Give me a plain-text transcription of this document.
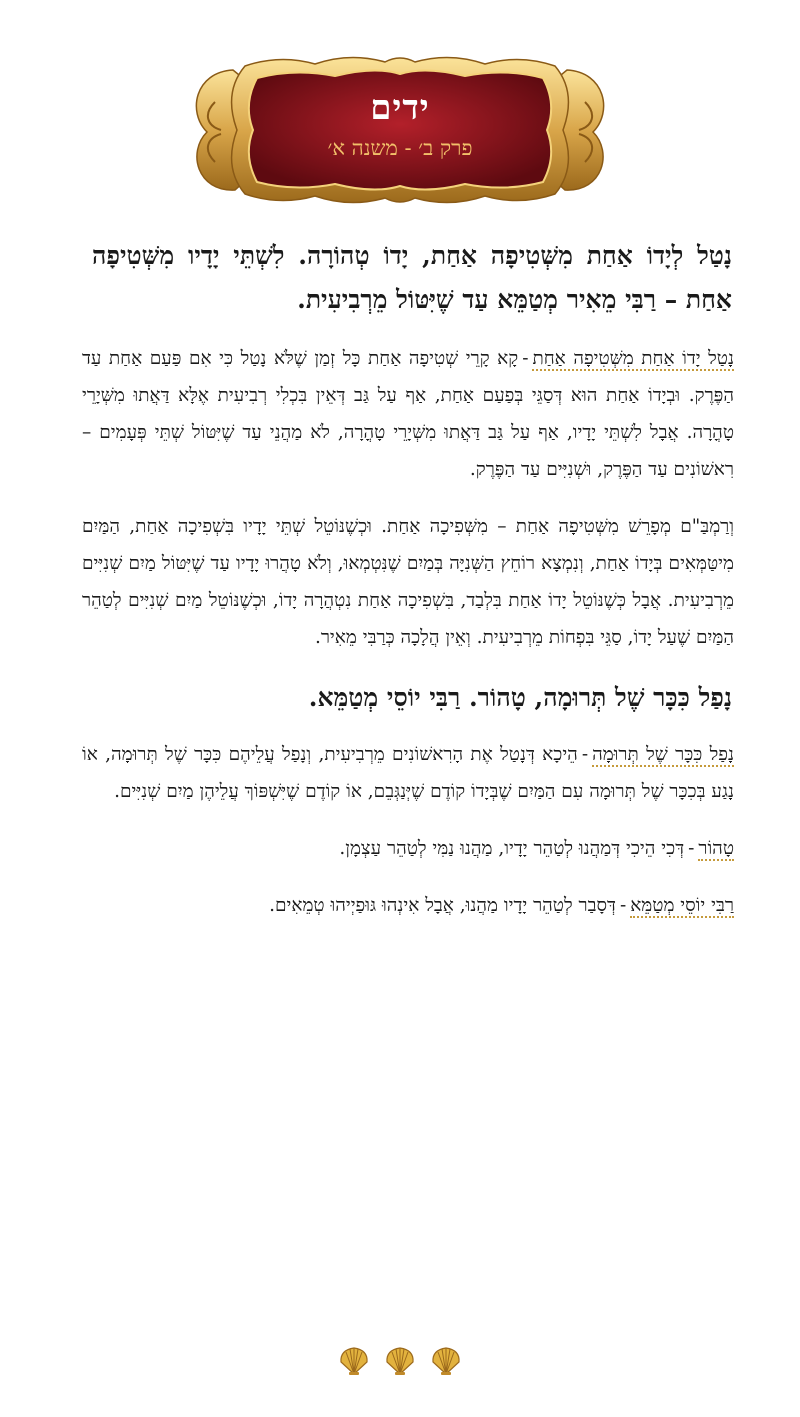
ידים
פרק ב׳ - משנה א׳

נָטַל לְיָדוֹ אַחַת מִשְּׁטִיפָה אַחַת, יָדוֹ טְהוֹרָה. לִשְׁתֵּי יָדָיו מִשְּׁטִיפָה אַחַת – רַבִּי מֵאִיר מְטַמֵּא עַד שֶׁיִּטּוֹל מֵרְבִיעִית.

נָטַל יָדוֹ אַחַת מִשְּׁטִיפָה אַחַת-קָא קָרֵי שְׁטִיפָה אַחַת כָּל זְמַן שֶׁלֹּא נָטַל כִּי אִם פַּעַם אַחַת עַד הַפֶּרֶק. וּבְיָדוֹ אַחַת הוּא דְּסַגֵּי בְּפַעַם אַחַת, אַף עַל גַּב דְּאֵין בִּכְלִי רְבִיעִית אֶלָּא דַּאֲתוּ מִשְּׁיָרֵי טָהֳרָה. אֲבָל לִשְׁתֵּי יָדָיו, אַף עַל גַּב דַּאֲתוּ מִשְּׁיָרֵי טָהֳרָה, לֹא מַהֲנֵי עַד שֶׁיִּטּוֹל שְׁתֵּי פְּעָמִים – רִאשׁוֹנִים עַד הַפֶּרֶק, וּשְׁנִיִּים עַד הַפֶּרֶק.

וְרַמְבַּ"ם מְפָרֵשׁ מִשְּׁטִיפָה אַחַת – מִשְּׁפִיכָה אַחַת. וּכְשֶׁנּוֹטֵל שְׁתֵּי יָדָיו בִּשְׁפִיכָה אַחַת, הַמַּיִם מִיטַּמְּאִים בְּיָדוֹ אַחַת, וְנִמְצָא רוֹחֵץ הַשְּׁנִיָּה בְּמַיִם שֶׁנִּטְמְאוּ, וְלֹא טָהֲרוּ יָדָיו עַד שֶׁיִּטּוֹל מַיִם שְׁנִיִּים מֵרְבִיעִית. אֲבָל כְּשֶׁנּוֹטֵל יָדוֹ אַחַת בִּלְבַד, בִּשְׁפִיכָה אַחַת נִטְהֲרָה יָדוֹ, וּכְשֶׁנּוֹטֵל מַיִם שְׁנִיִּים לְטַהֵר הַמַּיִם שֶׁעַל יָדוֹ, סַגֵּי בִּפְחוֹת מֵרְבִיעִית. וְאֵין הֲלָכָה כְּרַבִּי מֵאִיר.

נָפַל כִּכָּר שֶׁל תְּרוּמָה, טָהוֹר. רַבִּי יוֹסֵי מְטַמֵּא.

נָפַל כִּכָּר שֶׁל תְּרוּמָה-הֵיכָא דְּנָטַל אֶת הָרִאשׁוֹנִים מֵרְבִיעִית, וְנָפַל עֲלֵיהֶם כִּכָּר שֶׁל תְּרוּמָה, אוֹ נָגַע בְּכִכָּר שֶׁל תְּרוּמָה עִם הַמַּיִם שֶׁבְּיָדוֹ קוֹדֶם שֶׁיְּנַגְּבֵם, אוֹ קוֹדֶם שֶׁיִּשְׁפּוֹךְ עֲלֵיהֶן מַיִם שְׁנִיִּים.

טָהוֹר-דְּכִי הֵיכִי דְּמַהֲנוּ לְטַהֵר יָדָיו, מַהֲנוּ נַמִּי לְטַהֵר עַצְמָן.

רַבִּי יוֹסֵי מְטַמֵּא-דְּסָבַר לְטַהֵר יָדָיו מַהֲנוּ, אֲבָל אִינְהוּ גּוּפַיְיהוּ טְמֵאִים.
